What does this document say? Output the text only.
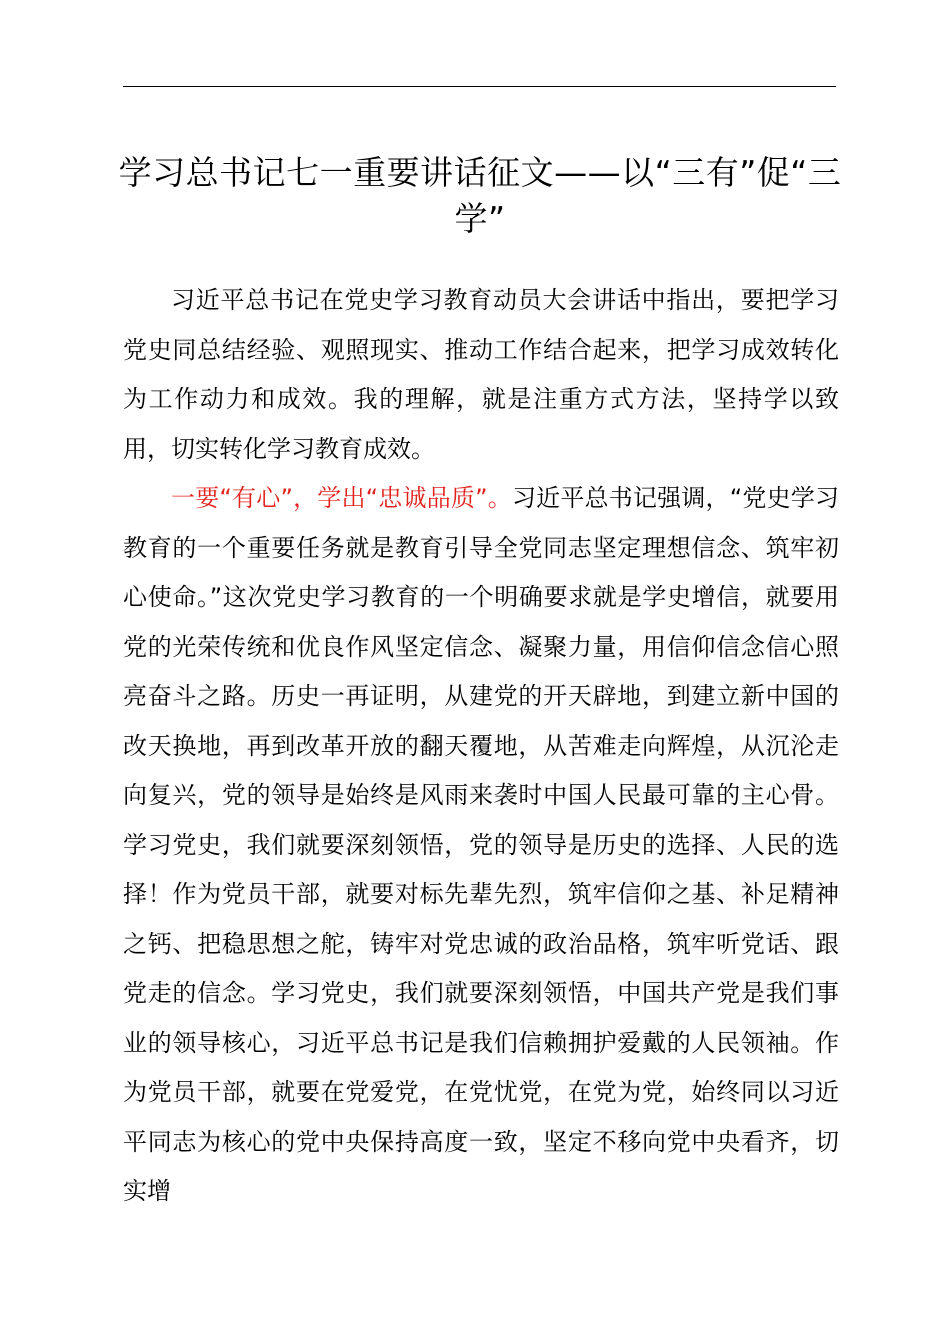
学习总书记七一重要讲话征文——以“三有”促“三学”

习近平总书记在党史学习教育动员大会讲话中指出，要把学习党史同总结经验、观照现实、推动工作结合起来，把学习成效转化为工作动力和成效。我的理解，就是注重方式方法，坚持学以致用，切实转化学习教育成效。

一要“有心”，学出“忠诚品质”。习近平总书记强调，“党史学习教育的一个重要任务就是教育引导全党同志坚定理想信念、筑牢初心使命。”这次党史学习教育的一个明确要求就是学史增信，就要用党的光荣传统和优良作风坚定信念、凝聚力量，用信仰信念信心照亮奋斗之路。历史一再证明，从建党的开天辟地，到建立新中国的改天换地，再到改革开放的翻天覆地，从苦难走向辉煌，从沉沦走向复兴，党的领导是始终是风雨来袭时中国人民最可靠的主心骨。学习党史，我们就要深刻领悟，党的领导是历史的选择、人民的选择！作为党员干部，就要对标先辈先烈，筑牢信仰之基、补足精神之钙、把稳思想之舵，铸牢对党忠诚的政治品格，筑牢听党话、跟党走的信念。学习党史，我们就要深刻领悟，中国共产党是我们事业的领导核心，习近平总书记是我们信赖拥护爱戴的人民领袖。作为党员干部，就要在党爱党，在党忧党，在党为党，始终同以习近平同志为核心的党中央保持高度一致，坚定不移向党中央看齐，切实增
